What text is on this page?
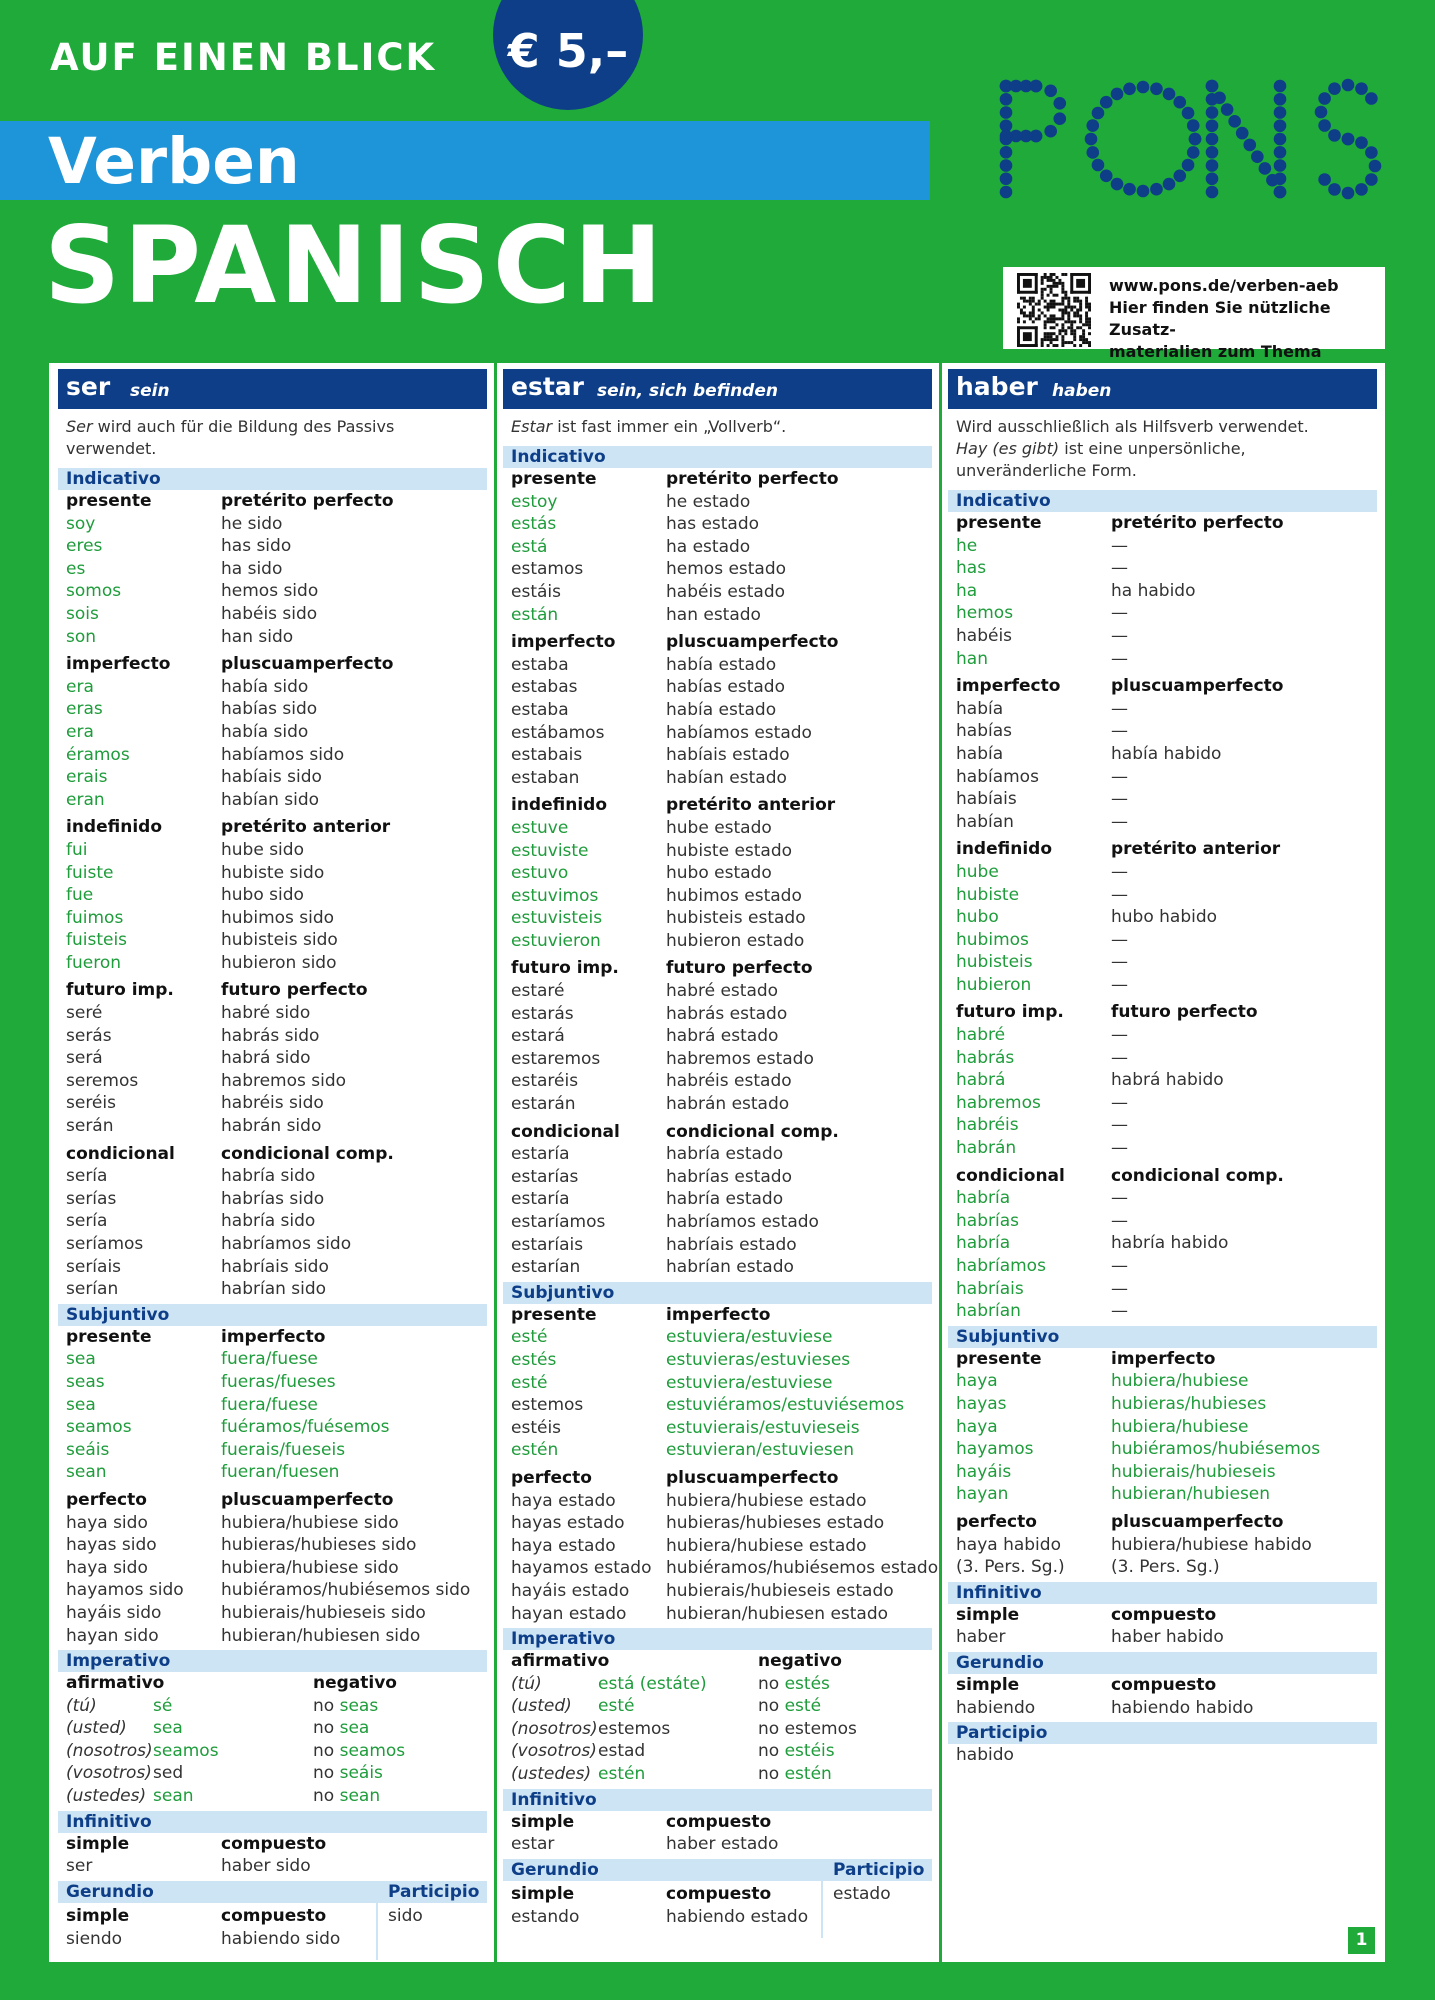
AUF EINEN BLICK	€ 5,–
Verben
SPANISCH	www.pons.de/verben-aeb
Hier finden Sie nützliche Zusatz-
materialien zum Thema
ser sein
Ser wird auch für die Bildung des Passivs verwendet.
Indicativo
presente	pretérito perfecto
soy	he sido
eres	has sido
es	ha sido
somos	hemos sido
sois	habéis sido
son	han sido
imperfecto	pluscuamperfecto
era	había sido
eras	habías sido
era	había sido
éramos	habíamos sido
erais	habíais sido
eran	habían sido
indefinido	pretérito anterior
fui	hube sido
fuiste	hubiste sido
fue	hubo sido
fuimos	hubimos sido
fuisteis	hubisteis sido
fueron	hubieron sido
futuro imp.	futuro perfecto
seré	habré sido
serás	habrás sido
será	habrá sido
seremos	habremos sido
seréis	habréis sido
serán	habrán sido
condicional	condicional comp.
sería	habría sido
serías	habrías sido
sería	habría sido
seríamos	habríamos sido
seríais	habríais sido
serían	habrían sido
Subjuntivo
presente	imperfecto
sea	fuera/fuese
seas	fueras/fueses
sea	fuera/fuese
seamos	fuéramos/fuésemos
seáis	fuerais/fueseis
sean	fueran/fuesen
perfecto	pluscuamperfecto
haya sido	hubiera/hubiese sido
hayas sido	hubieras/hubieses sido
haya sido	hubiera/hubiese sido
hayamos sido hubiéramos/hubiésemos sido
hayáis sido	hubierais/hubieseis sido
hayan sido	hubieran/hubiesen sido
Imperativo
afirmativo	negativo
(tú)	sé	no seas
(usted) sea	no sea
(nosotros) seamos	no seamos
(vosotros) sed	no seáis
(ustedes) sean	no sean
Infinitivo
simple	compuesto
ser	haber sido
Gerundio	Participio
simple	compuesto
siendo	habiendo sido
sido
estar sein, sich befinden
Estar ist fast immer ein „Vollverb“.
Indicativo
presente	pretérito perfecto
estoy	he estado
estás	has estado
está	ha estado
estamos	hemos estado
estáis	habéis estado
están	han estado
imperfecto	pluscuamperfecto
estaba	había estado
estabas	habías estado
estaba	había estado
estábamos	habíamos estado
estabais	habíais estado
estaban	habían estado
indefinido	pretérito anterior
estuve	hube estado
estuviste	hubiste estado
estuvo	hubo estado
estuvimos	hubimos estado
estuvisteis	hubisteis estado
estuvieron	hubieron estado
futuro imp.	futuro perfecto
estaré	habré estado
estarás	habrás estado
estará	habrá estado
estaremos	habremos estado
estaréis	habréis estado
estarán	habrán estado
condicional	condicional comp.
estaría	habría estado
estarías	habrías estado
estaría	habría estado
estaríamos	habríamos estado
estaríais	habríais estado
estarían	habrían estado
Subjuntivo
presente	imperfecto
esté	estuviera/estuviese
estés	estuvieras/estuvieses
esté	estuviera/estuviese
estemos	estuviéramos/estuviésemos
estéis	estuvierais/estuvieseis
estén	estuvieran/estuviesen
perfecto	pluscuamperfecto
haya estado	hubiera/hubiese estado
hayas estado hubieras/hubieses estado
haya estado	hubiera/hubiese estado
hayamos estado hubiéramos/hubiésemos estado
hayáis estado hubierais/hubieseis estado
hayan estado hubieran/hubiesen estado
Imperativo
afirmativo	negativo
(tú)	está (estáte)	no estés
(usted) esté	no esté
(nosotros) estemos	no estemos
(vosotros) estad	no estéis
(ustedes) estén	no estén
Infinitivo
simple	compuesto
estar	haber estado
Gerundio	Participio
simple	compuesto
estando	habiendo estado
estado
haber haben
Wird ausschließlich als Hilfsverb verwendet.
Hay (es gibt) ist eine unpersönliche, unveränderliche Form.
Indicativo
presente	pretérito perfecto
he	—
has	—
ha	ha habido
hemos	—
habéis	—
han	—
imperfecto	pluscuamperfecto
había	—
habías	—
había	había habido
habíamos	—
habíais	—
habían	—
indefinido	pretérito anterior
hube	—
hubiste	—
hubo	hubo habido
hubimos	—
hubisteis	—
hubieron	—
futuro imp.	futuro perfecto
habré	—
habrás	—
habrá	habrá habido
habremos	—
habréis	—
habrán	—
condicional	condicional comp.
habría	—
habrías	—
habría	habría habido
habríamos	—
habríais	—
habrían	—
Subjuntivo
presente	imperfecto
haya	hubiera/hubiese
hayas	hubieras/hubieses
haya	hubiera/hubiese
hayamos	hubiéramos/hubiésemos
hayáis	hubierais/hubieseis
hayan	hubieran/hubiesen
perfecto	pluscuamperfecto
haya habido	hubiera/hubiese habido
(3. Pers. Sg.)	(3. Pers. Sg.)
Infinitivo
simple	compuesto
haber	haber habido
Gerundio
simple	compuesto
habiendo	habiendo habido
Participio
habido
1
